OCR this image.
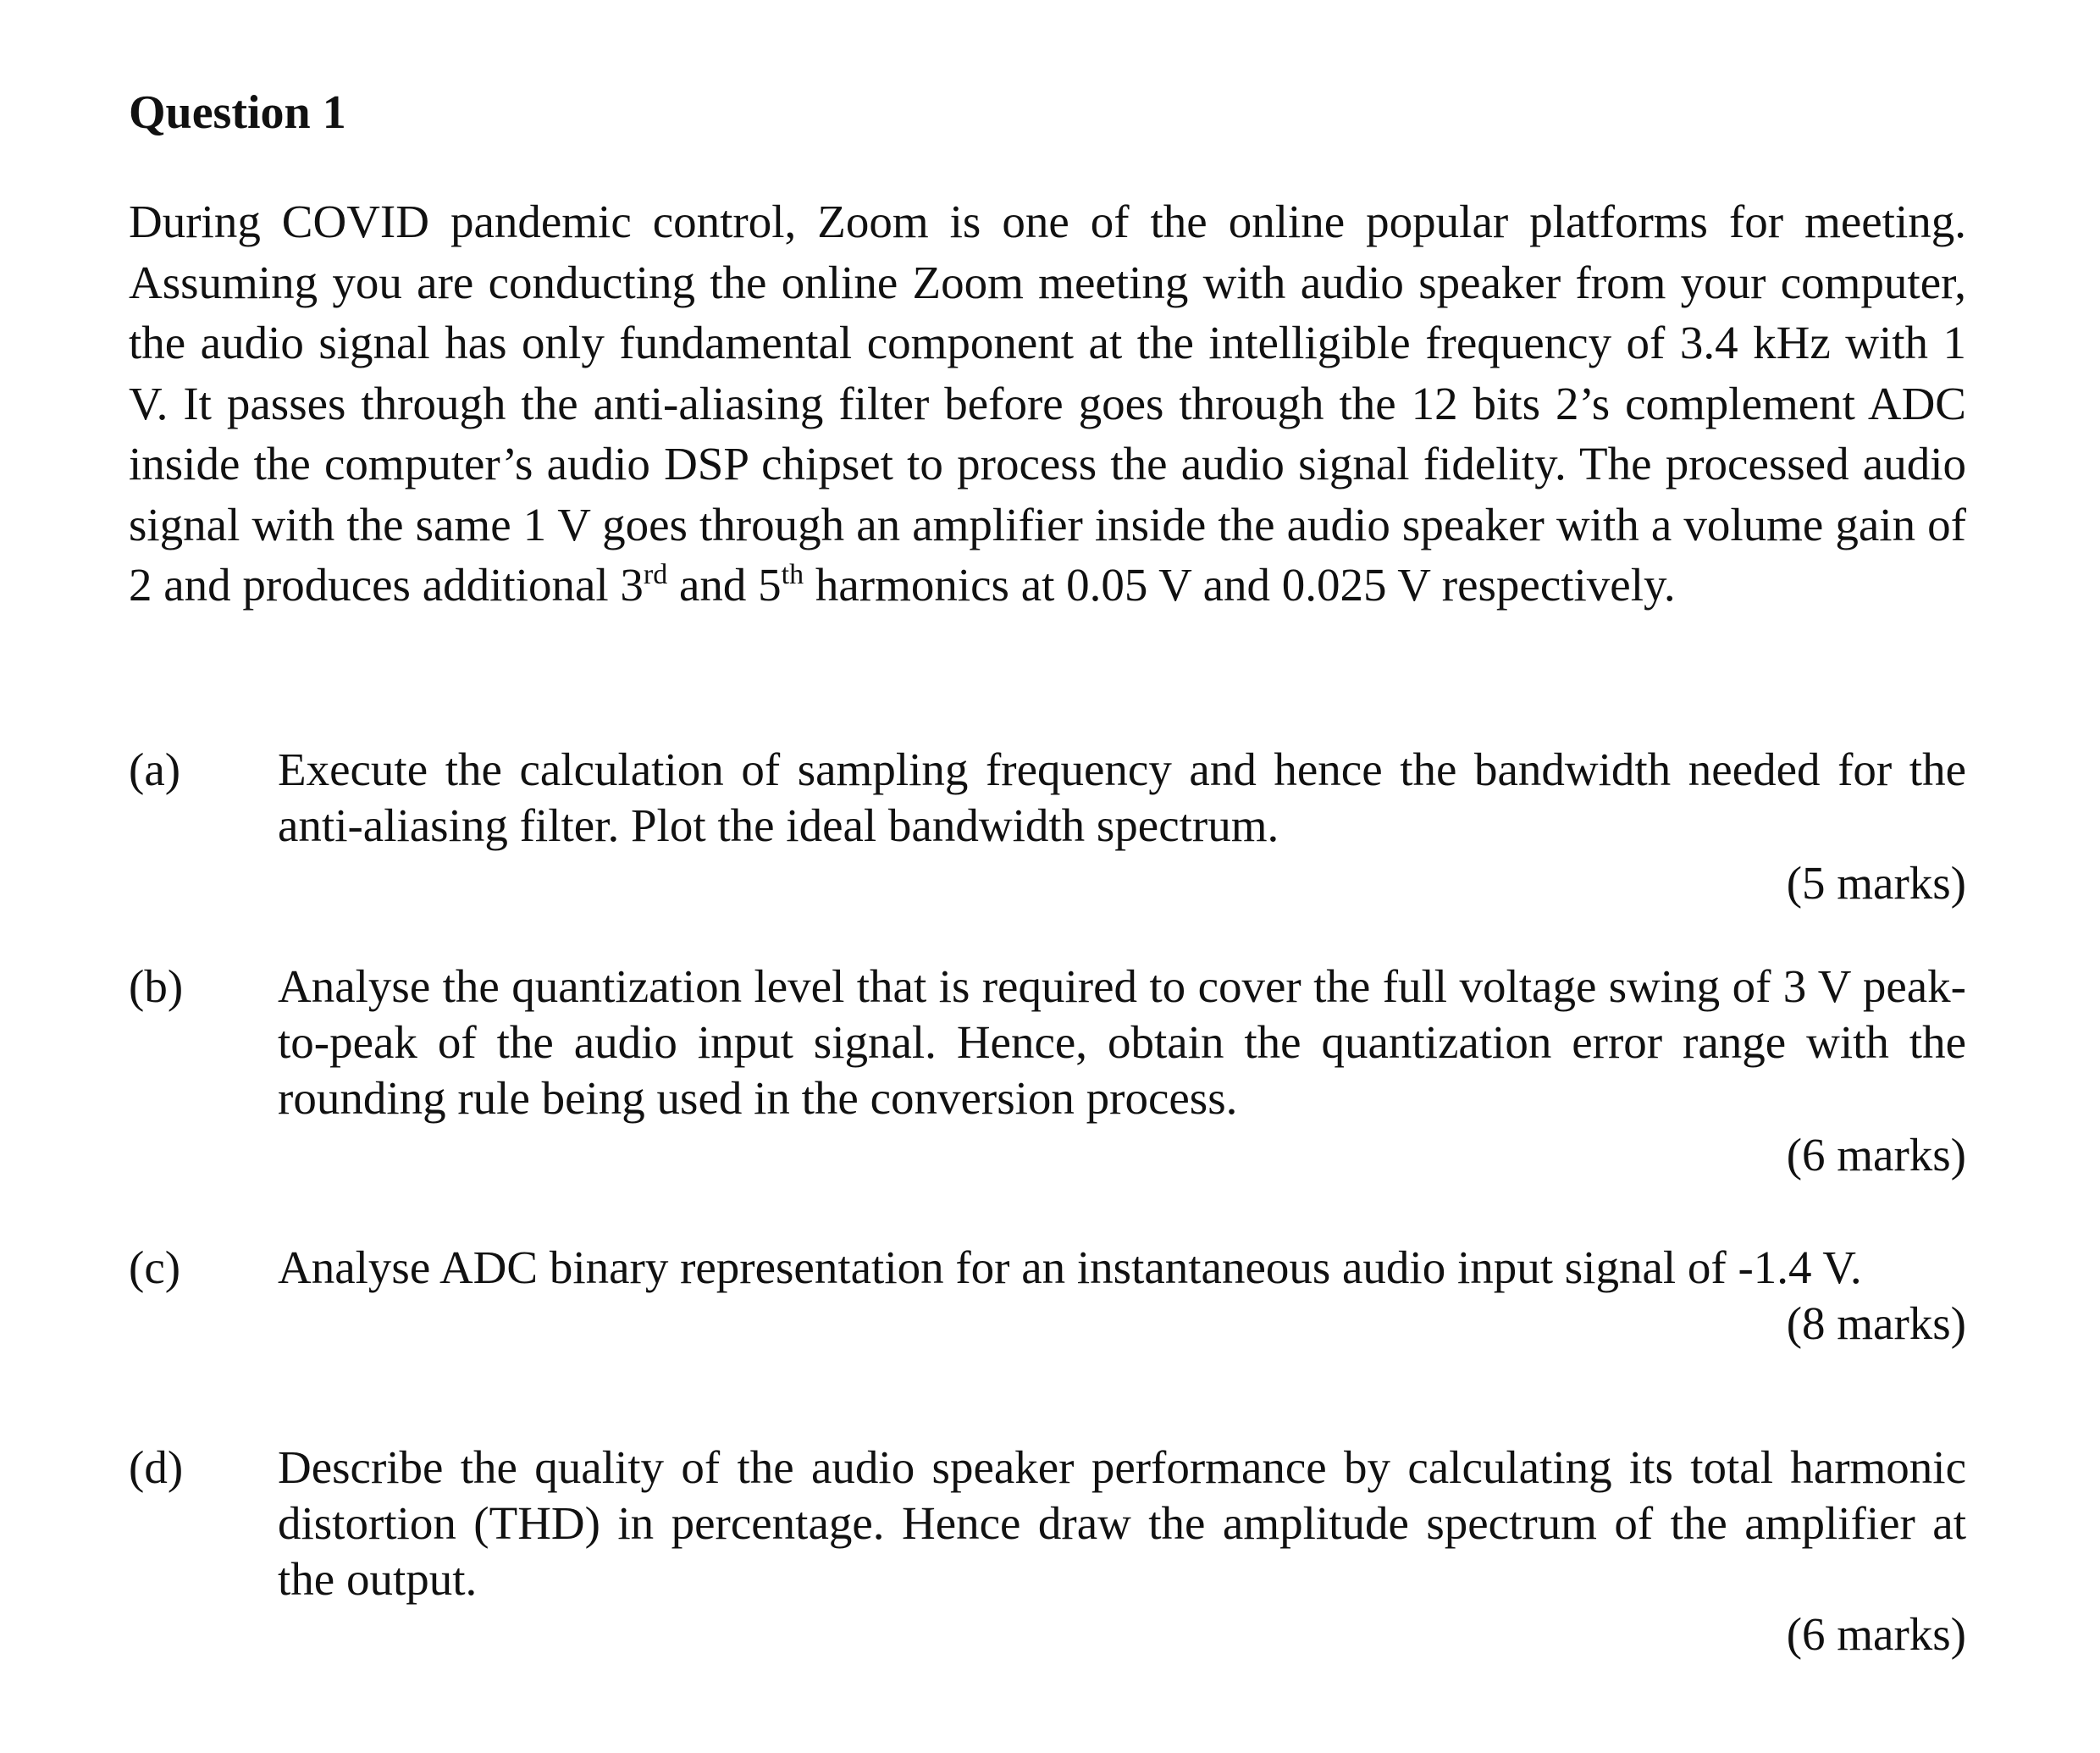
Question 1

During COVID pandemic control, Zoom is one of the online popular platforms for meeting. Assuming you are conducting the online Zoom meeting with audio speaker from your computer, the audio signal has only fundamental component at the intelligible frequency of 3.4 kHz with 1 V. It passes through the anti-aliasing filter before goes through the 12 bits 2’s complement ADC inside the computer’s audio DSP chipset to process the audio signal fidelity. The processed audio signal with the same 1 V goes through an amplifier inside the audio speaker with a volume gain of 2 and produces additional 3rd and 5th harmonics at 0.05 V and 0.025 V respectively.

(a) Execute the calculation of sampling frequency and hence the bandwidth needed for the anti-aliasing filter. Plot the ideal bandwidth spectrum.

(5 marks)

(b) Analyse the quantization level that is required to cover the full voltage swing of 3 V peak-to-peak of the audio input signal. Hence, obtain the quantization error range with the rounding rule being used in the conversion process.

(6 marks)

(c) Analyse ADC binary representation for an instantaneous audio input signal of -1.4 V.

(8 marks)

(d) Describe the quality of the audio speaker performance by calculating its total harmonic distortion (THD) in percentage. Hence draw the amplitude spectrum of the amplifier at the output.

(6 marks)
